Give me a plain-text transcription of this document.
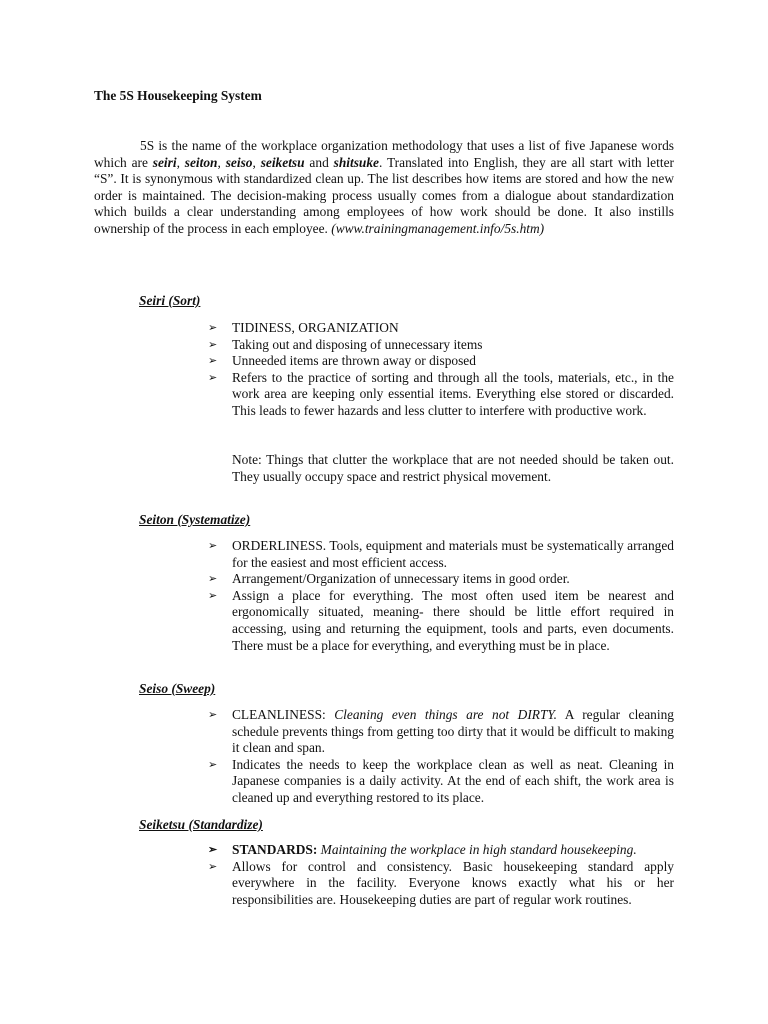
The 5S Housekeeping System
5S is the name of the workplace organization methodology that uses a list of five Japanese words which are seiri, seiton, seiso, seiketsu and shitsuke. Translated into English, they are all start with letter “S”. It is synonymous with standardized clean up. The list describes how items are stored and how the new order is maintained. The decision-making process usually comes from a dialogue about standardization which builds a clear understanding among employees of how work should be done. It also instills ownership of the process in each employee. (www.trainingmanagement.info/5s.htm)
Seiri (Sort)
➢ TIDINESS, ORGANIZATION
➢ Taking out and disposing of unnecessary items
➢ Unneeded items are thrown away or disposed
➢ Refers to the practice of sorting and through all the tools, materials, etc., in the work area are keeping only essential items. Everything else stored or discarded. This leads to fewer hazards and less clutter to interfere with productive work.
Note: Things that clutter the workplace that are not needed should be taken out. They usually occupy space and restrict physical movement.
Seiton (Systematize)
➢ ORDERLINESS. Tools, equipment and materials must be systematically arranged for the easiest and most efficient access.
➢ Arrangement/Organization of unnecessary items in good order.
➢ Assign a place for everything. The most often used item be nearest and ergonomically situated, meaning- there should be little effort required in accessing, using and returning the equipment, tools and parts, even documents. There must be a place for everything, and everything must be in place.
Seiso (Sweep)
➢ CLEANLINESS: Cleaning even things are not DIRTY. A regular cleaning schedule prevents things from getting too dirty that it would be difficult to making it clean and span.
➢ Indicates the needs to keep the workplace clean as well as neat. Cleaning in Japanese companies is a daily activity. At the end of each shift, the work area is cleaned up and everything restored to its place.
Seiketsu (Standardize)
➢ STANDARDS: Maintaining the workplace in high standard housekeeping.
➢ Allows for control and consistency. Basic housekeeping standard apply everywhere in the facility. Everyone knows exactly what his or her responsibilities are. Housekeeping duties are part of regular work routines.
